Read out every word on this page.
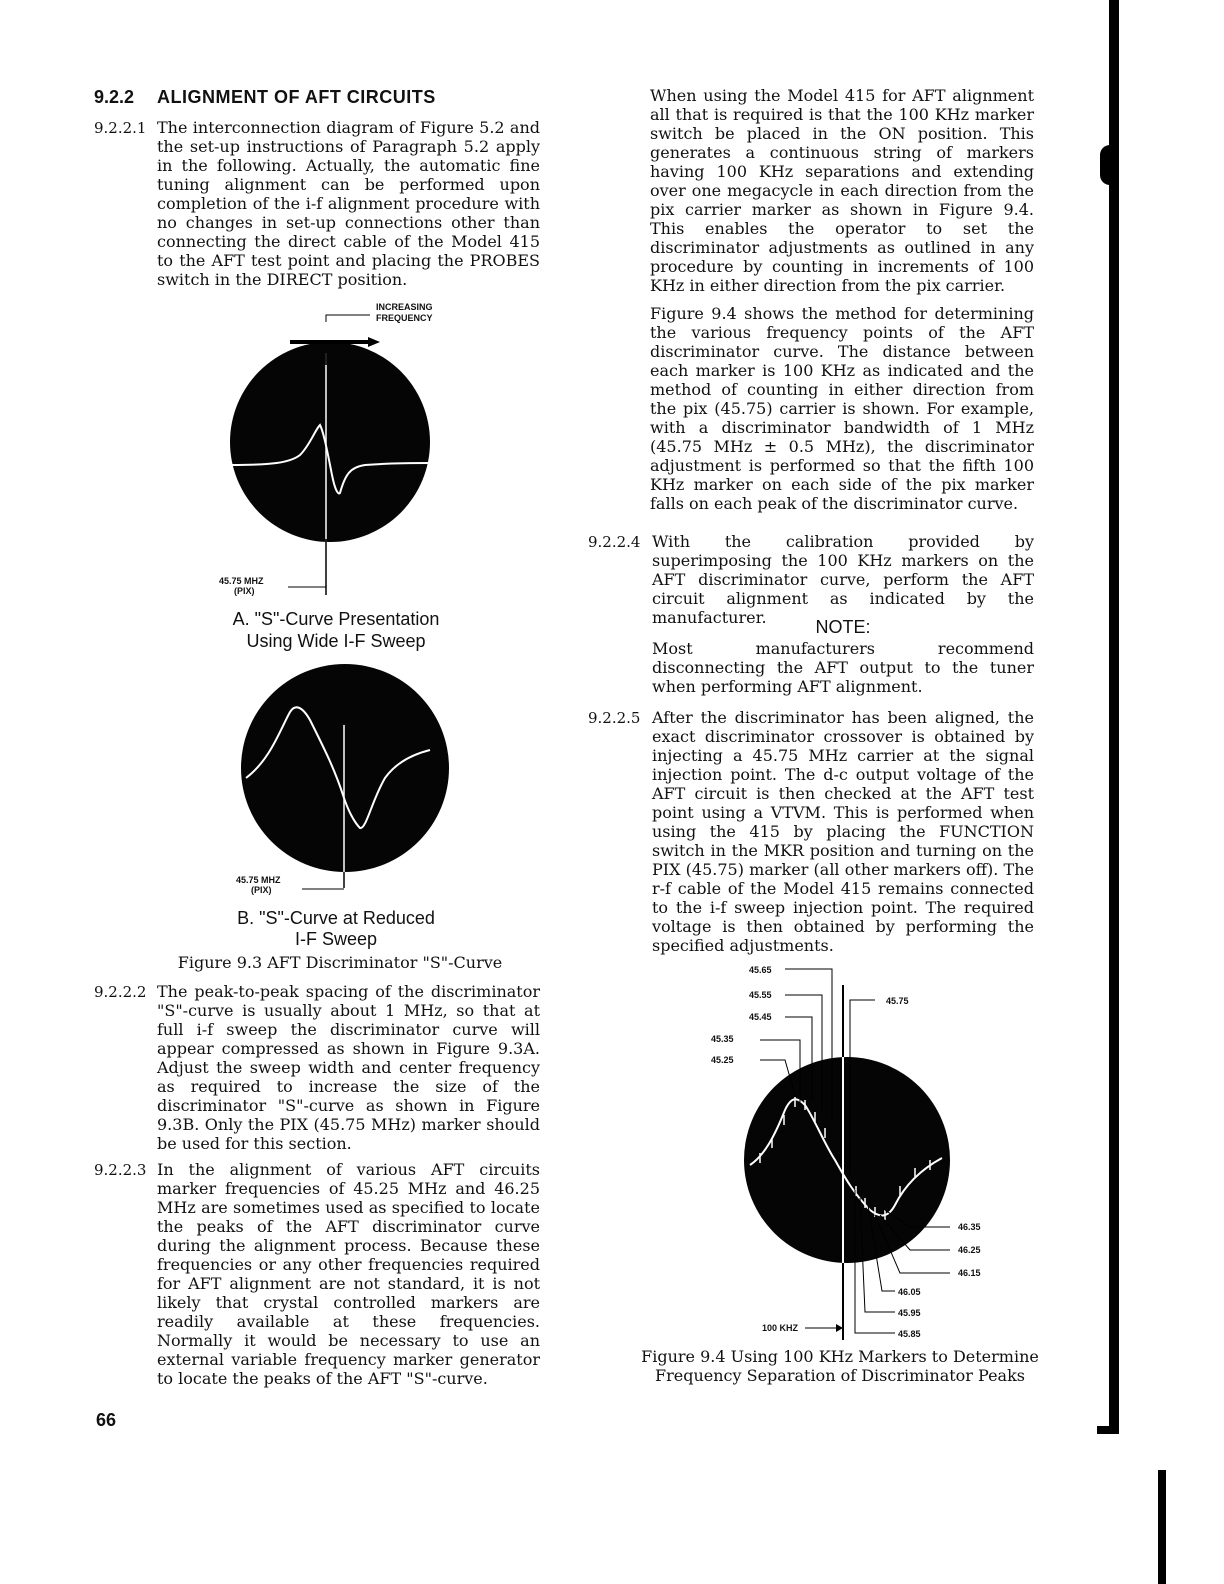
9.2.2 ALIGNMENT OF AFT CIRCUITS
9.2.2.1 The interconnection diagram of Figure 5.2 and the set-up instructions of Paragraph 5.2 apply in the following. Actually, the automatic fine tuning alignment can be performed upon completion of the i-f alignment procedure with no changes in set-up connections other than connecting the direct cable of the Model 415 to the AFT test point and placing the PROBES switch in the DIRECT position.
45.75 MHZ
(PIX)
INCREASING
FREQUENCY
A. "S"-Curve Presentation
Using Wide I-F Sweep
45.75 MHZ
(PIX)
B. "S"-Curve at Reduced
I-F Sweep
Figure 9.3 AFT Discriminator "S"-Curve
9.2.2.2 The peak-to-peak spacing of the discriminator "S"-curve is usually about 1 MHz, so that at full i-f sweep the discriminator curve will appear compressed as shown in Figure 9.3A. Adjust the sweep width and center frequency as required to increase the size of the discriminator "S"-curve as shown in Figure 9.3B. Only the PIX (45.75 MHz) marker should be used for this section.
9.2.2.3 In the alignment of various AFT circuits marker frequencies of 45.25 MHz and 46.25 MHz are sometimes used as specified to locate the peaks of the AFT discriminator curve during the alignment process. Because these frequencies or any other frequencies required for AFT alignment are not standard, it is not likely that crystal controlled markers are readily available at these frequencies. Normally it would be necessary to use an external variable frequency marker generator to locate the peaks of the AFT "S"-curve.
When using the Model 415 for AFT alignment all that is required is that the 100 KHz marker switch be placed in the ON position. This generates a continuous string of markers having 100 KHz separations and extending over one megacycle in each direction from the pix carrier marker as shown in Figure 9.4. This enables the operator to set the discriminator adjustments as outlined in any procedure by counting in increments of 100 KHz in either direction from the pix carrier.
Figure 9.4 shows the method for determining the various frequency points of the AFT discriminator curve. The distance between each marker is 100 KHz as indicated and the method of counting in either direction from the pix (45.75) carrier is shown. For example, with a discriminator bandwidth of 1 MHz (45.75 MHz ± 0.5 MHz), the discriminator adjustment is performed so that the fifth 100 KHz marker on each side of the pix marker falls on each peak of the discriminator curve.
9.2.2.4 With the calibration provided by superimposing the 100 KHz markers on the AFT discriminator curve, perform the AFT circuit alignment as indicated by the manufacturer.	NOTE:
Most manufacturers recommend disconnecting the AFT output to the tuner when performing AFT alignment.
9.2.2.5 After the discriminator has been aligned, the exact discriminator crossover is obtained by injecting a 45.75 MHz carrier at the signal injection point. The d-c output voltage of the AFT circuit is then checked at the AFT test point using a VTVM. This is performed when using the 415 by placing the FUNCTION switch in the MKR position and turning on the PIX (45.75) marker (all other markers off). The r-f cable of the Model 415 remains connected to the i-f sweep injection point. The required voltage is then obtained by performing the specified adjustments.
45.65
45.55
45.45
45.35
45.25
45.75
46.35
46.25
46.15
46.05
45.95
45.85
100 KHZ
Figure 9.4 Using 100 KHz Markers to Determine
Frequency Separation of Discriminator Peaks
66
